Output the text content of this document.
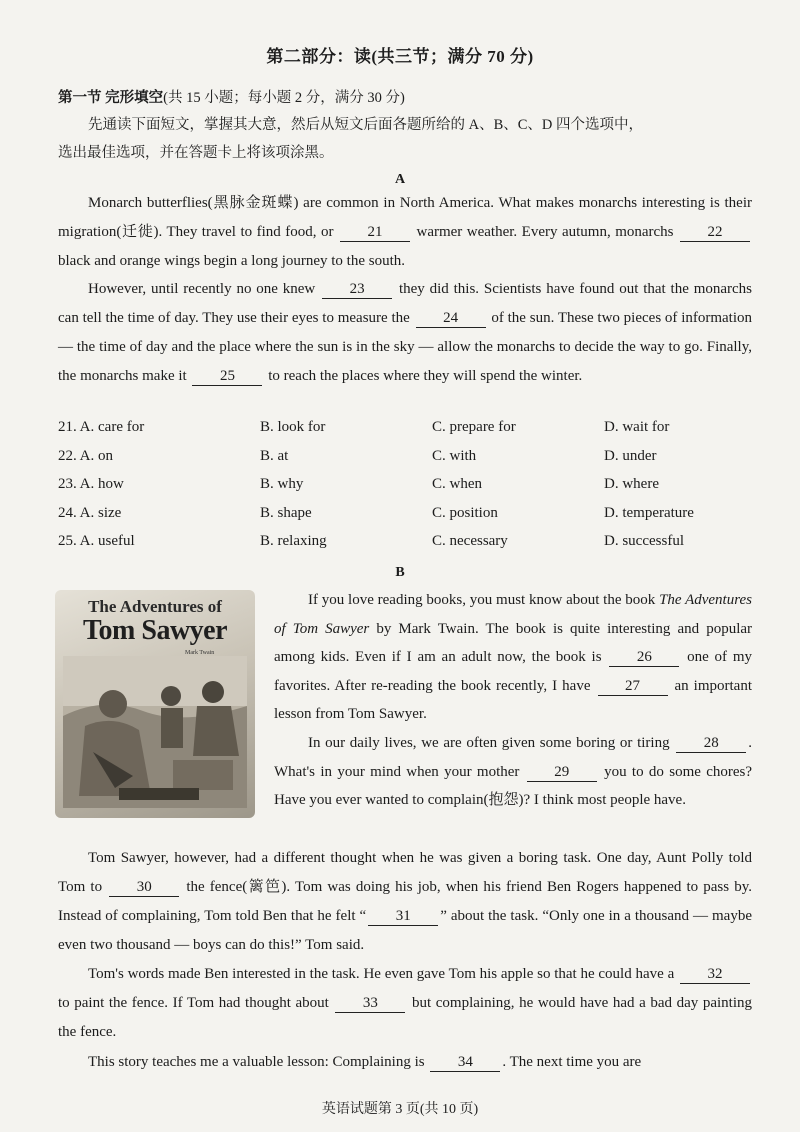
第二部分：读(共三节；满分 70 分)
第一节 完形填空(共 15 小题；每小题 2 分，满分 30 分)
先通读下面短文，掌握其大意，然后从短文后面各题所给的 A、B、C、D 四个选项中，
选出最佳选项，并在答题卡上将该项涂黑。
A
Monarch butterflies(黑脉金斑蝶) are common in North America. What makes monarchs interesting is their migration(迁徙). They travel to find food, or 21 warmer weather. Every autumn, monarchs 22 black and orange wings begin a long journey to the south.
However, until recently no one knew 23 they did this. Scientists have found out that the monarchs can tell the time of day. They use their eyes to measure the 24 of the sun. These two pieces of information — the time of day and the place where the sun is in the sky — allow the monarchs to decide the way to go. Finally, the monarchs make it 25 to reach the places where they will spend the winter.
21. A. care for	B. look for	C. prepare for	D. wait for
22. A. on	B. at	C. with	D. under
23. A. how	B. why	C. when	D. where
24. A. size	B. shape	C. position	D. temperature
25. A. useful	B. relaxing	C. necessary	D. successful
B
The Adventures of
Tom Sawyer
Mark Twain
If you love reading books, you must know about the book The Adventures of Tom Sawyer by Mark Twain. The book is quite interesting and popular among kids. Even if I am an adult now, the book is 26 one of my favorites. After re-reading the book recently, I have 27 an important lesson from Tom Sawyer.
In our daily lives, we are often given some boring or tiring 28 . What's in your mind when your mother 29 you to do some chores? Have you ever wanted to complain(抱怨)? I think most people have.
Tom Sawyer, however, had a different thought when he was given a boring task. One day, Aunt Polly told Tom to 30 the fence(篱笆). Tom was doing his job, when his friend Ben Rogers happened to pass by. Instead of complaining, Tom told Ben that he felt “ 31 ” about the task. “Only one in a thousand — maybe even two thousand — boys can do this!” Tom said.
Tom's words made Ben interested in the task. He even gave Tom his apple so that he could have a 32 to paint the fence. If Tom had thought about 33 but complaining, he would have had a bad day painting the fence.
This story teaches me a valuable lesson: Complaining is 34 . The next time you are
英语试题第 3 页(共 10 页)
